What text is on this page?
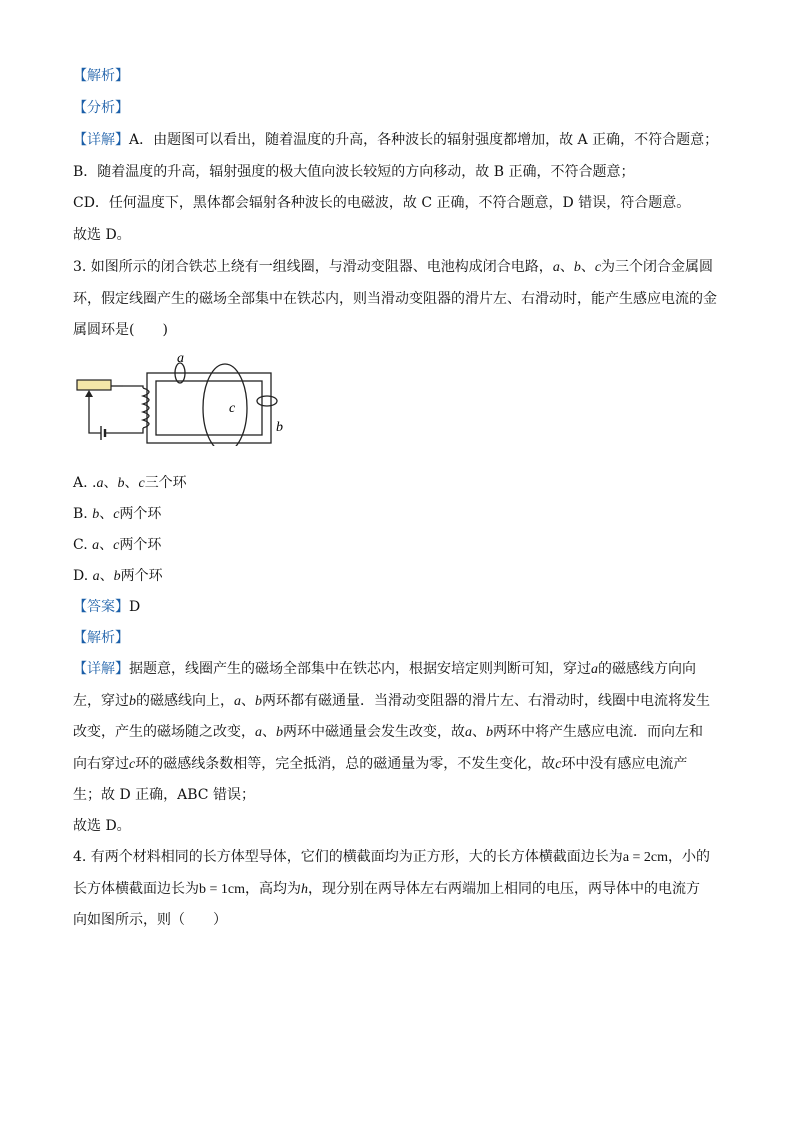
【解析】
【分析】
【详解】A．由题图可以看出，随着温度的升高，各种波长的辐射强度都增加，故 A 正确，不符合题意；
B．随着温度的升高，辐射强度的极大值向波长较短的方向移动，故 B 正确，不符合题意；
CD．任何温度下，黑体都会辐射各种波长的电磁波，故 C 正确，不符合题意，D 错误，符合题意。
故选 D。
3. 如图所示的闭合铁芯上绕有一组线圈，与滑动变阻器、电池构成闭合电路，a、b、c为三个闭合金属圆
环，假定线圈产生的磁场全部集中在铁芯内，则当滑动变阻器的滑片左、右滑动时，能产生感应电流的金
属圆环是(　　)
a
c
b
A. .a、b、c三个环
B. b、c两个环
C. a、c两个环
D. a、b两个环
【答案】D
【解析】
【详解】据题意，线圈产生的磁场全部集中在铁芯内，根据安培定则判断可知，穿过a的磁感线方向向
左，穿过b的磁感线向上，a、b两环都有磁通量．当滑动变阻器的滑片左、右滑动时，线圈中电流将发生
改变，产生的磁场随之改变，a、b两环中磁通量会发生改变，故a、b两环中将产生感应电流．而向左和
向右穿过c环的磁感线条数相等，完全抵消，总的磁通量为零，不发生变化，故c环中没有感应电流产
生；故 D 正确，ABC 错误；
故选 D。
4. 有两个材料相同的长方体型导体，它们的横截面均为正方形，大的长方体横截面边长为a = 2cm，小的
长方体横截面边长为b = 1cm，高均为h，现分别在两导体左右两端加上相同的电压，两导体中的电流方
向如图所示，则（　　）
